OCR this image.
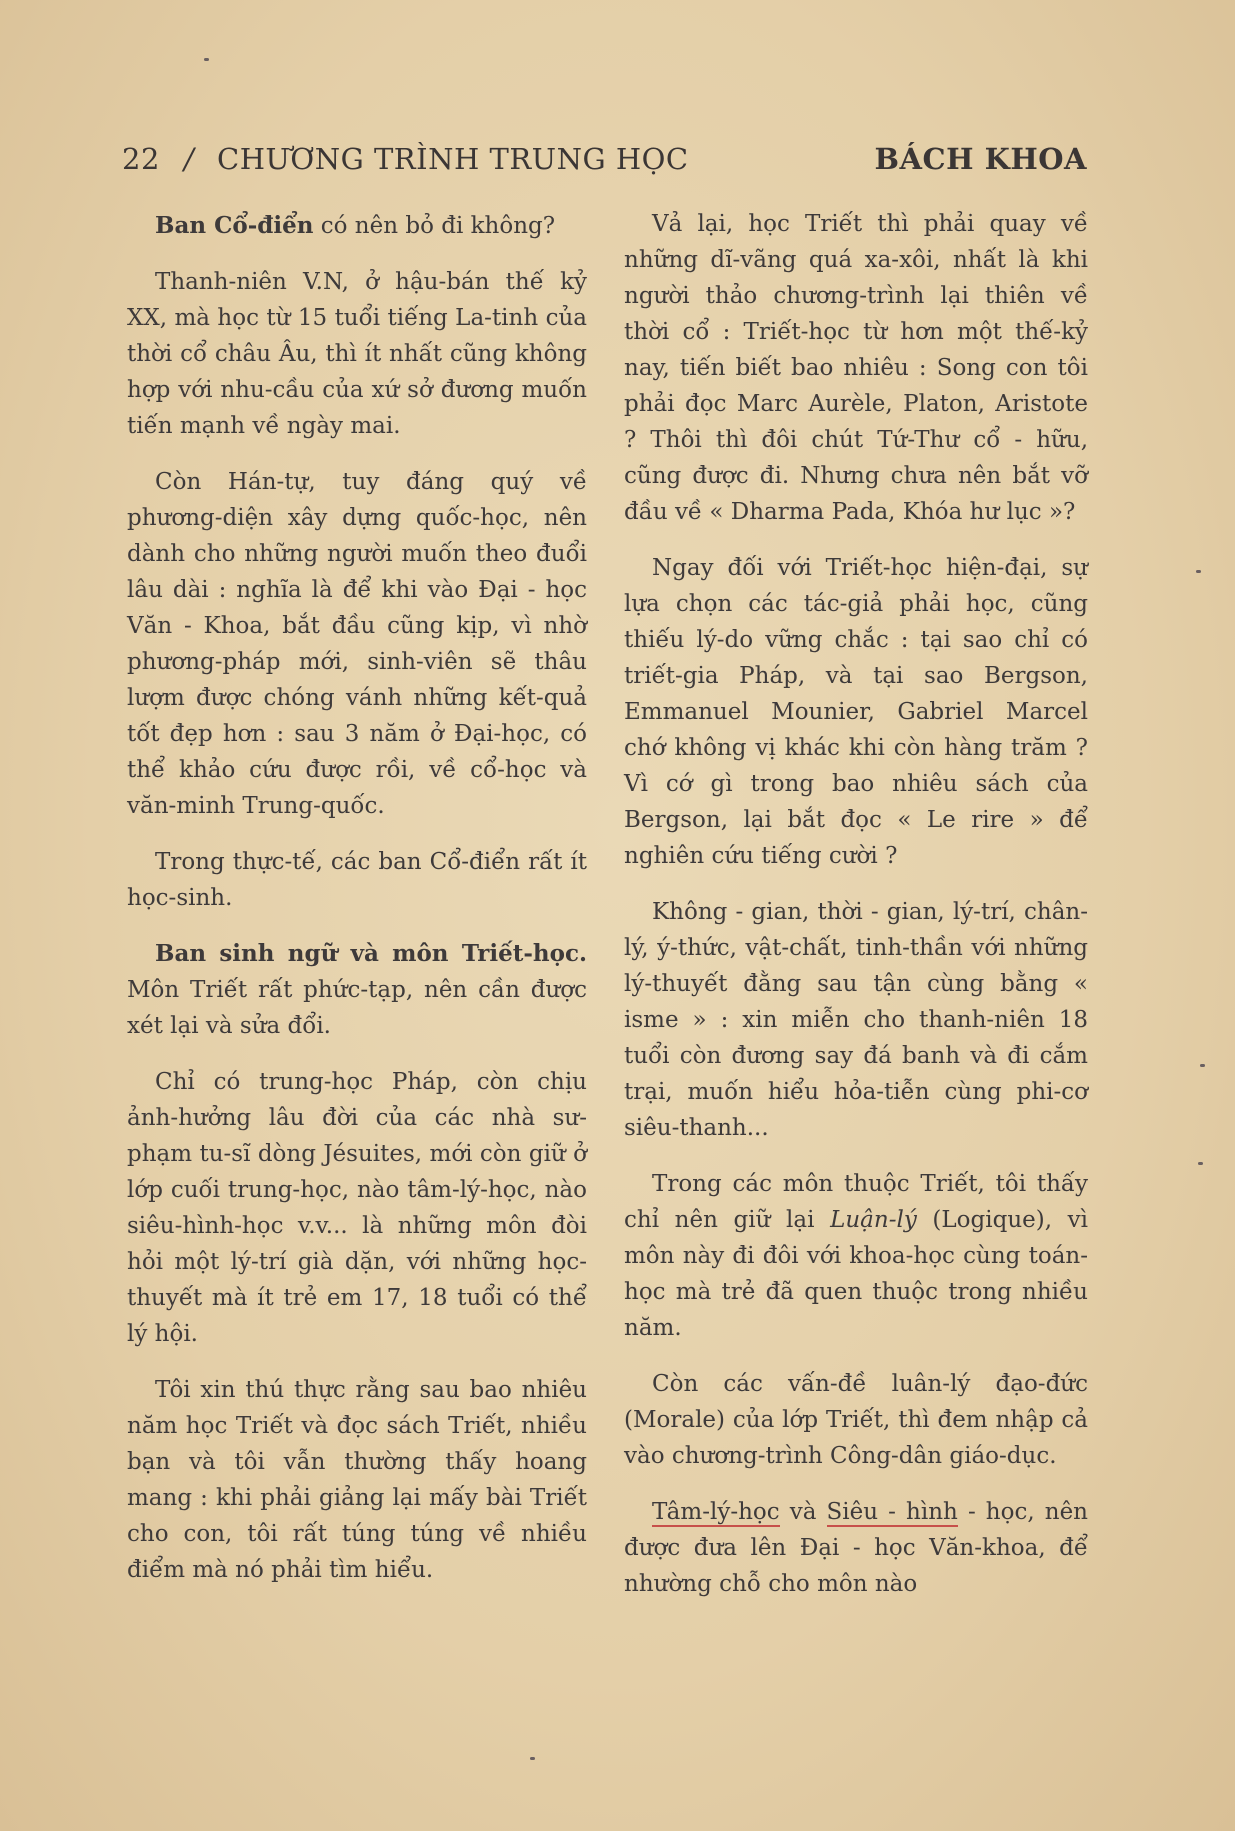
22 / CHƯƠNG TRÌNH TRUNG HỌC	BÁCH KHOA

Ban Cổ-điển có nên bỏ đi không?

Thanh-niên V.N, ở hậu-bán thế kỷ XX, mà học từ 15 tuổi tiếng La-tinh của thời cổ châu Âu, thì ít nhất cũng không hợp với nhu-cầu của xứ sở đương muốn tiến mạnh về ngày mai.

Còn Hán-tự, tuy đáng quý về phương-diện xây dựng quốc-học, nên dành cho những người muốn theo đuổi lâu dài : nghĩa là để khi vào Đại - học Văn - Khoa, bắt đầu cũng kịp, vì nhờ phương-pháp mới, sinh-viên sẽ thâu lượm được chóng vánh những kết-quả tốt đẹp hơn : sau 3 năm ở Đại-học, có thể khảo cứu được rồi, về cổ-học và văn-minh Trung-quốc.

Trong thực-tế, các ban Cổ-điển rất ít học-sinh.

Ban sinh ngữ và môn Triết-học. Môn Triết rất phức-tạp, nên cần được xét lại và sửa đổi.

Chỉ có trung-học Pháp, còn chịu ảnh-hưởng lâu đời của các nhà sư-phạm tu-sĩ dòng Jésuites, mới còn giữ ở lớp cuối trung-học, nào tâm-lý-học, nào siêu-hình-học v.v... là những môn đòi hỏi một lý-trí già dặn, với những học-thuyết mà ít trẻ em 17, 18 tuổi có thể lý hội.

Tôi xin thú thực rằng sau bao nhiêu năm học Triết và đọc sách Triết, nhiều bạn và tôi vẫn thường thấy hoang mang : khi phải giảng lại mấy bài Triết cho con, tôi rất túng túng về nhiều điểm mà nó phải tìm hiểu.

Vả lại, học Triết thì phải quay về những dĩ-vãng quá xa-xôi, nhất là khi người thảo chương-trình lại thiên về thời cổ : Triết-học từ hơn một thế-kỷ nay, tiến biết bao nhiêu : Song con tôi phải đọc Marc Aurèle, Platon, Aristote ? Thôi thì đôi chút Tứ-Thư cổ - hữu, cũng được đi. Nhưng chưa nên bắt vỡ đầu về « Dharma Pada, Khóa hư lục »?

Ngay đối với Triết-học hiện-đại, sự lựa chọn các tác-giả phải học, cũng thiếu lý-do vững chắc : tại sao chỉ có triết-gia Pháp, và tại sao Bergson, Emmanuel Mounier, Gabriel Marcel chớ không vị khác khi còn hàng trăm ? Vì cớ gì trong bao nhiêu sách của Bergson, lại bắt đọc « Le rire » để nghiên cứu tiếng cười ?

Không - gian, thời - gian, lý-trí, chân-lý, ý-thức, vật-chất, tinh-thần với những lý-thuyết đằng sau tận cùng bằng « isme » : xin miễn cho thanh-niên 18 tuổi còn đương say đá banh và đi cắm trại, muốn hiểu hỏa-tiễn cùng phi-cơ siêu-thanh...

Trong các môn thuộc Triết, tôi thấy chỉ nên giữ lại Luận-lý (Logique), vì môn này đi đôi với khoa-học cùng toán-học mà trẻ đã quen thuộc trong nhiều năm.

Còn các vấn-đề luân-lý đạo-đức (Morale) của lớp Triết, thì đem nhập cả vào chương-trình Công-dân giáo-dục.

Tâm-lý-học và Siêu - hình - học, nên được đưa lên Đại - học Văn-khoa, để nhường chỗ cho môn nào
